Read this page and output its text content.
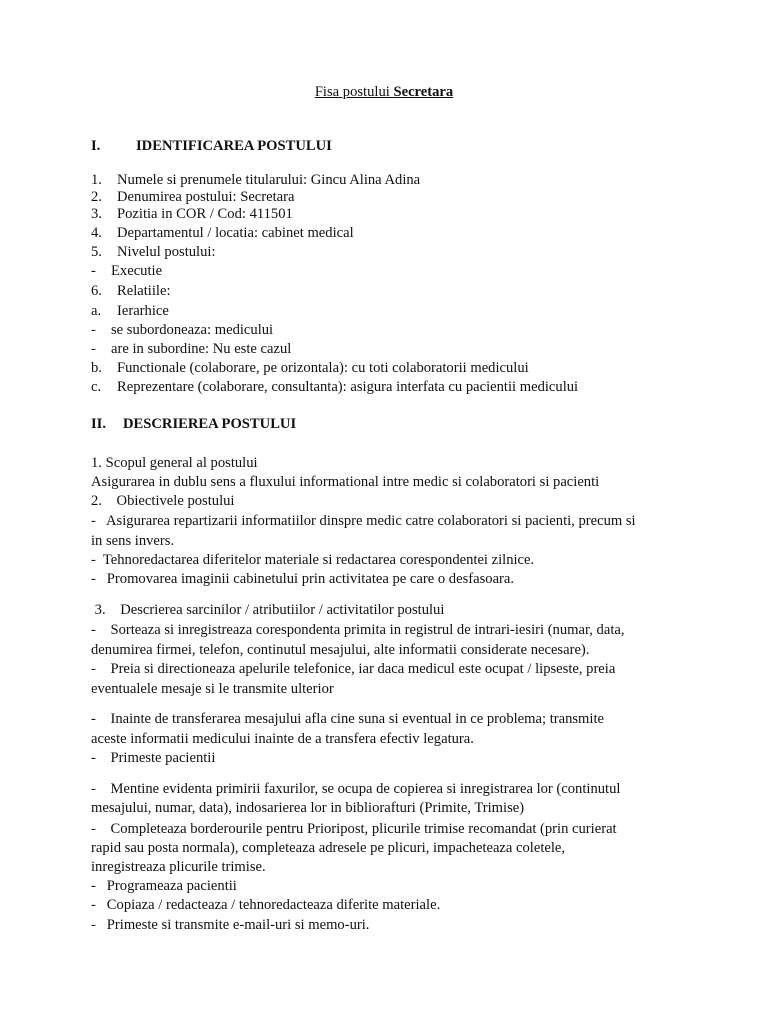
Fisa postului Secretara
I. IDENTIFICAREA POSTULUI
1. Numele si prenumele titularului: Gincu Alina Adina
2. Denumirea postului: Secretara
3. Pozitia in COR / Cod: 411501
4. Departamentul / locatia: cabinet medical
5. Nivelul postului:
- Executie
6. Relatiile:
a. Ierarhice
- se subordoneaza: medicului
- are in subordine: Nu este cazul
b. Functionale (colaborare, pe orizontala): cu toti colaboratorii medicului
c. Reprezentare (colaborare, consultanta): asigura interfata cu pacientii medicului
II. DESCRIEREA POSTULUI
1. Scopul general al postului
Asigurarea in dublu sens a fluxului informational intre medic si colaboratori si pacienti
2.    Obiectivele postului
-   Asigurarea repartizarii informatiilor dinspre medic catre colaboratori si pacienti, precum si
in sens invers.
-  Tehnoredactarea diferitelor materiale si redactarea corespondentei zilnice.
-   Promovarea imaginii cabinetului prin activitatea pe care o desfasoara.
3.    Descrierea sarcinilor / atributiilor / activitatilor postului
-    Sorteaza si inregistreaza corespondenta primita in registrul de intrari-iesiri (numar, data,
denumirea firmei, telefon, continutul mesajului, alte informatii considerate necesare).
-    Preia si directioneaza apelurile telefonice, iar daca medicul este ocupat / lipseste, preia
eventualele mesaje si le transmite ulterior
-    Inainte de transferarea mesajului afla cine suna si eventual in ce problema; transmite
aceste informatii medicului inainte de a transfera efectiv legatura.
-    Primeste pacientii
-    Mentine evidenta primirii faxurilor, se ocupa de copierea si inregistrarea lor (continutul
mesajului, numar, data), indosarierea lor in bibliorafturi (Primite, Trimise)
-    Completeaza borderourile pentru Prioripost, plicurile trimise recomandat (prin curierat
rapid sau posta normala), completeaza adresele pe plicuri, impacheteaza coletele,
inregistreaza plicurile trimise.
-   Programeaza pacientii
-   Copiaza / redacteaza / tehnoredacteaza diferite materiale.
-   Primeste si transmite e-mail-uri si memo-uri.
